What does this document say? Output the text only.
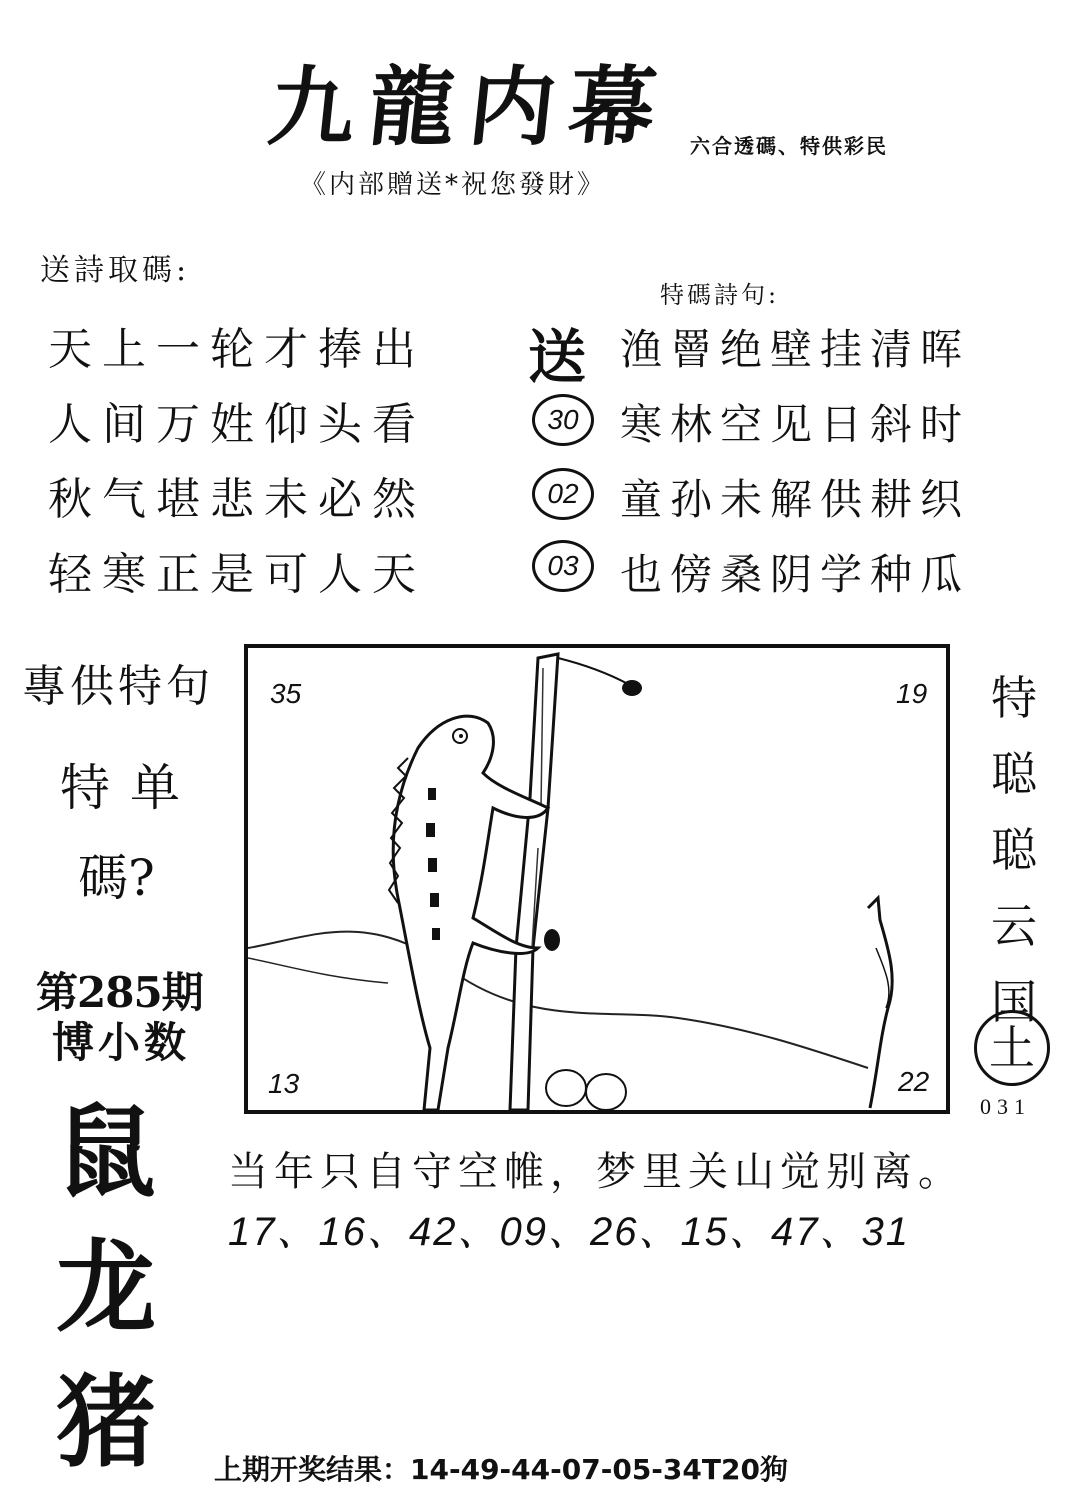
九龍内幕 六合透碼、特供彩民
《内部贈送*祝您發財》
送詩取碼:
天上一轮才捧出
人间万姓仰头看
秋气堪悲未必然
轻寒正是可人天
特碼詩句:
送
30
02
03
渔罾绝壁挂清晖
寒林空见日斜时
童孙未解供耕织
也傍桑阴学种瓜
專供特句
特单
碼?
第285期
博小数
鼠
龙
猪
35	19
13	22
特
聪
聪
云
国
土
031
当年只自守空帷，梦里关山觉别离。
17、16、42、09、26、15、47、31
上期开奖结果：14-49-44-07-05-34T20狗
